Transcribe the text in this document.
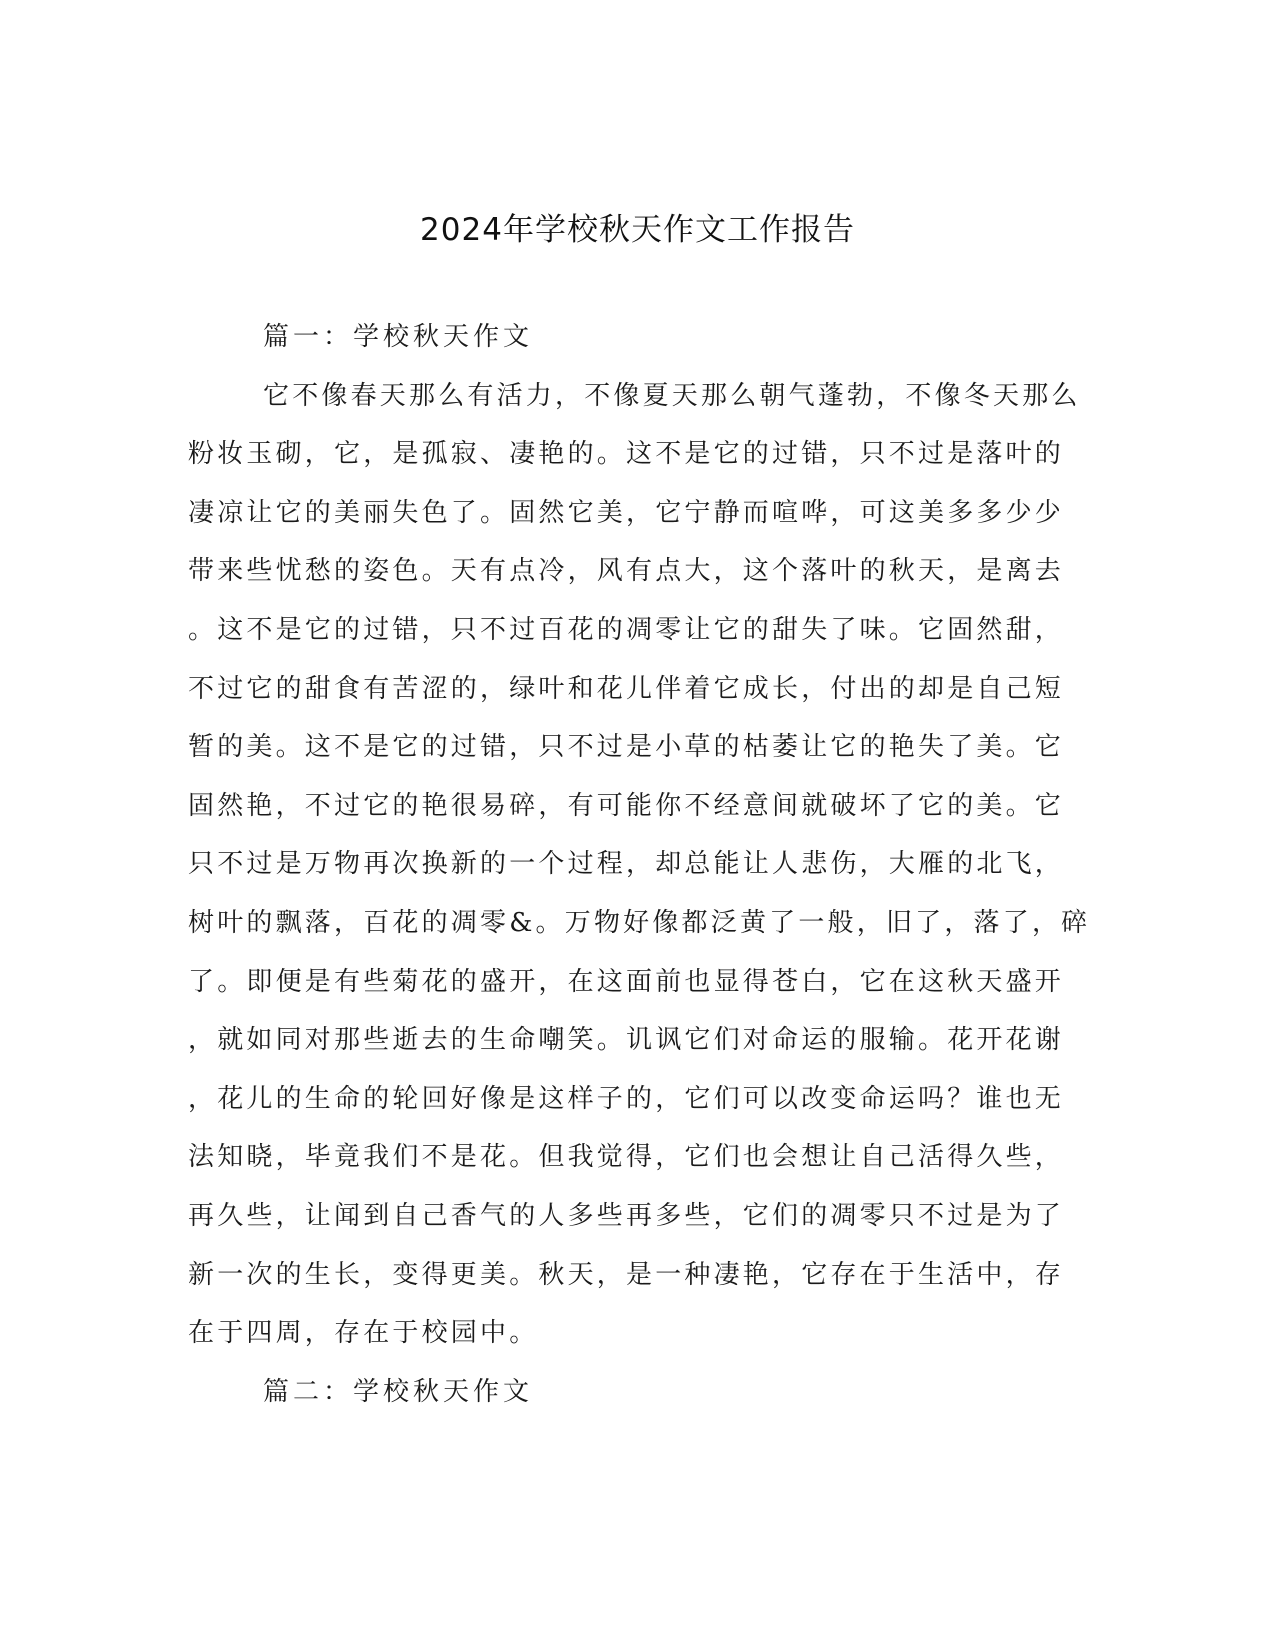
2024年学校秋天作文工作报告
篇一：学校秋天作文
它不像春天那么有活力，不像夏天那么朝气蓬勃，不像冬天那么
粉妆玉砌，它，是孤寂、凄艳的。这不是它的过错，只不过是落叶的
凄凉让它的美丽失色了。固然它美，它宁静而喧哗，可这美多多少少
带来些忧愁的姿色。天有点冷，风有点大，这个落叶的秋天，是离去
。这不是它的过错，只不过百花的凋零让它的甜失了味。它固然甜，
不过它的甜食有苦涩的，绿叶和花儿伴着它成长，付出的却是自己短
暂的美。这不是它的过错，只不过是小草的枯萎让它的艳失了美。它
固然艳，不过它的艳很易碎，有可能你不经意间就破坏了它的美。它
只不过是万物再次换新的一个过程，却总能让人悲伤，大雁的北飞，
树叶的飘落，百花的凋零&。万物好像都泛黄了一般，旧了，落了，碎
了。即便是有些菊花的盛开，在这面前也显得苍白，它在这秋天盛开
，就如同对那些逝去的生命嘲笑。讥讽它们对命运的服输。花开花谢
，花儿的生命的轮回好像是这样子的，它们可以改变命运吗？谁也无
法知晓，毕竟我们不是花。但我觉得，它们也会想让自己活得久些，
再久些，让闻到自己香气的人多些再多些，它们的凋零只不过是为了
新一次的生长，变得更美。秋天，是一种凄艳，它存在于生活中，存
在于四周，存在于校园中。
篇二：学校秋天作文
